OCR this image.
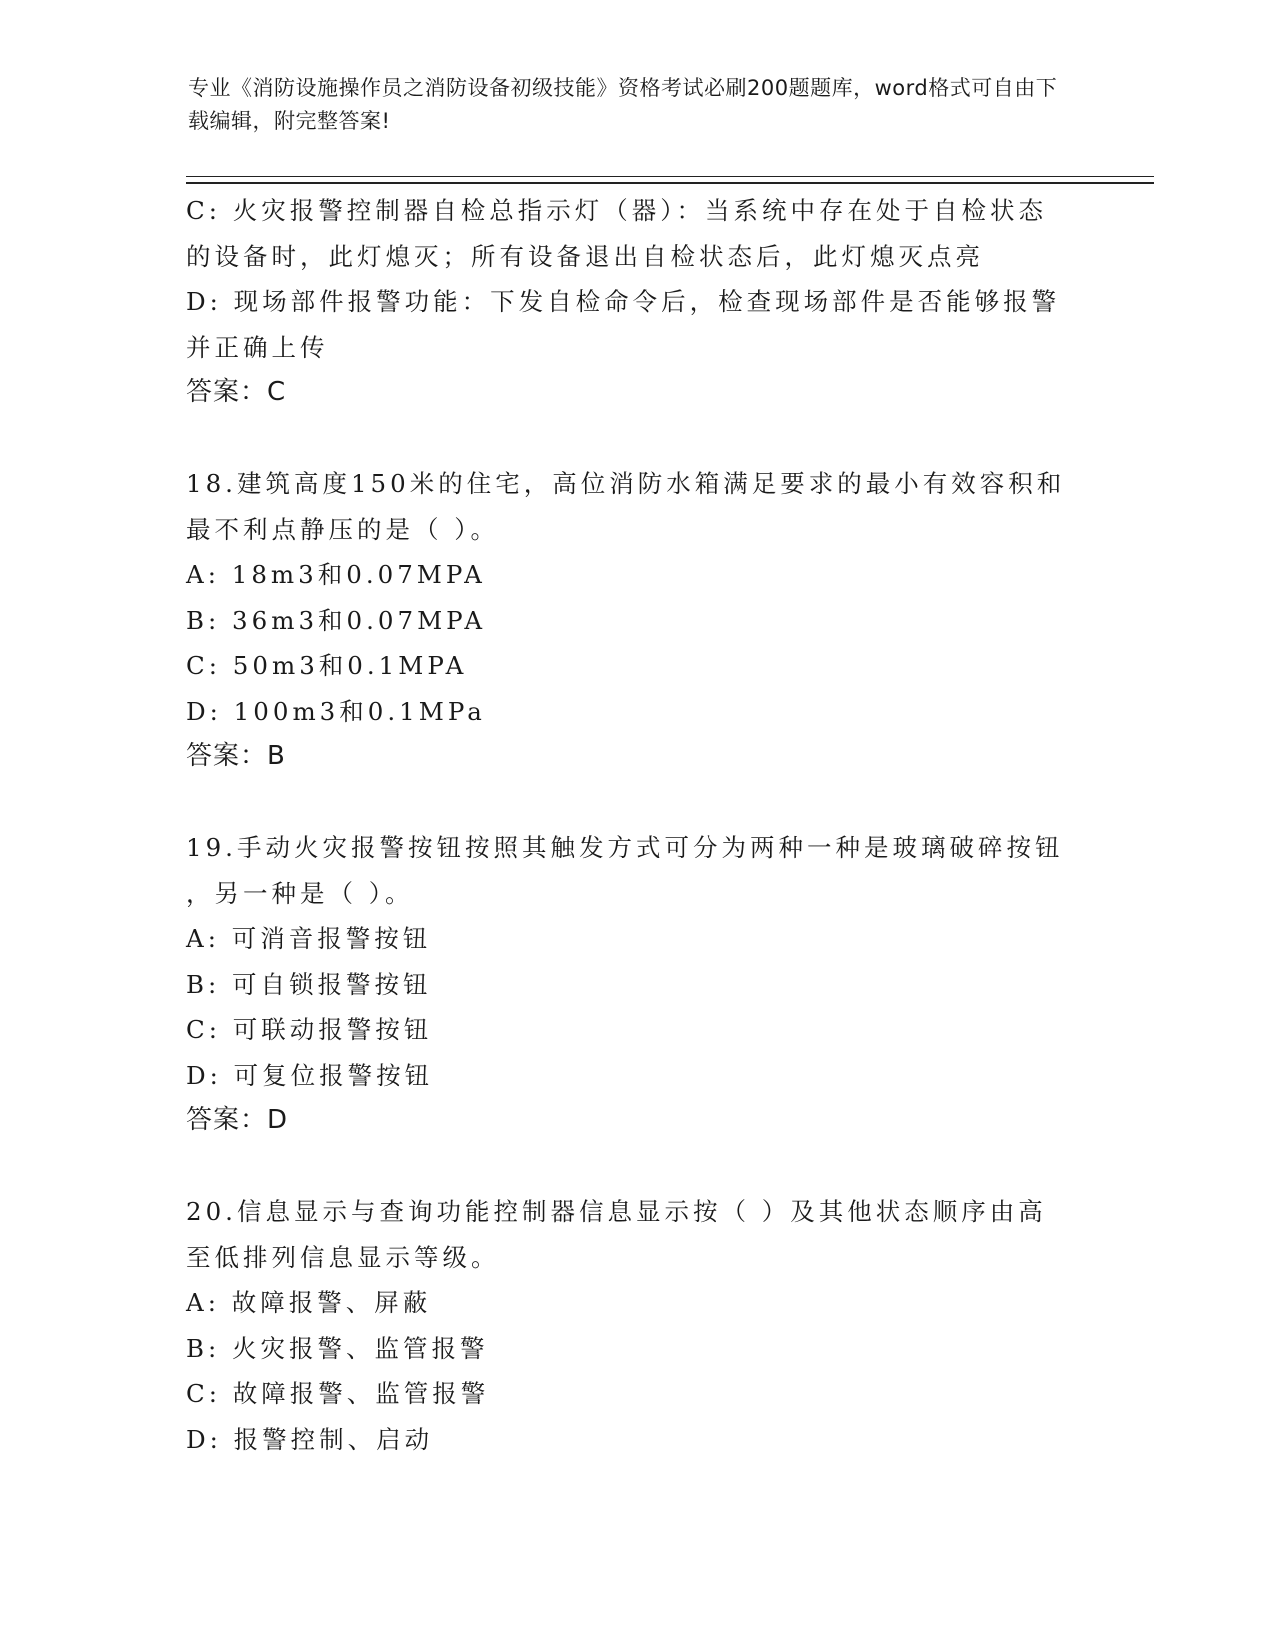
专业《消防设施操作员之消防设备初级技能》资格考试必刷200题题库，word格式可自由下载编辑，附完整答案!
C: 火灾报警控制器自检总指示灯（器）：当系统中存在处于自检状态
的设备时，此灯熄灭；所有设备退出自检状态后，此灯熄灭点亮
D: 现场部件报警功能：下发自检命令后，检查现场部件是否能够报警
并正确上传
答案：C
18.建筑高度150米的住宅，高位消防水箱满足要求的最小有效容积和
最不利点静压的是（ ）。
A: 18m3和0.07MPA
B: 36m3和0.07MPA
C: 50m3和0.1MPA
D: 100m3和0.1MPa
答案：B
19.手动火灾报警按钮按照其触发方式可分为两种一种是玻璃破碎按钮
，另一种是（ ）。
A: 可消音报警按钮
B: 可自锁报警按钮
C: 可联动报警按钮
D: 可复位报警按钮
答案：D
20.信息显示与查询功能控制器信息显示按（ ）及其他状态顺序由高
至低排列信息显示等级。
A: 故障报警、屏蔽
B: 火灾报警、监管报警
C: 故障报警、监管报警
D: 报警控制、启动
